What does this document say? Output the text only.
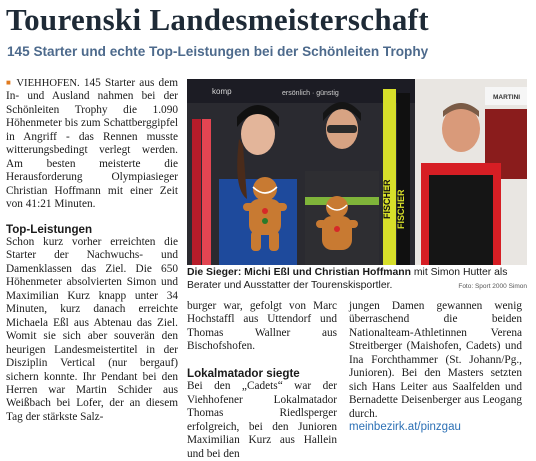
Tourenski Landesmeisterschaft
145 Starter und echte Top-Leistungen bei der Schönleiten Trophy

■ VIEHHOFEN. 145 Starter aus dem In- und Ausland nahmen bei der Schönleiten Trophy die 1.090 Höhenmeter bis zum Schattberggipfel in Angriff - das Rennen musste witterungsbedingt verlegt werden. Am besten meisterte die Herausforderung Olympiasieger Christian Hoffmann mit einer Zeit von 41:21 Minuten.

Top-Leistungen

Schon kurz vorher erreichten die Starter der Nachwuchs- und Damenklassen das Ziel. Die 650 Höhenmeter absolvierten Simon und Maximilian Kurz knapp unter 34 Minuten, kurz danach erreichte Michaela Eßl aus Abtenau das Ziel. Womit sie sich aber souverän den heurigen Landesmeistertitel in der Disziplin Vertical (nur bergauf) sichern konnte. Ihr Pendant bei den Herren war Martin Schider aus Weißbach bei Lofer, der an diesem Tag der stärkste Salz-

komp	ersönlich · günstig
MARTINI
FISCHER FISCHER
Die Sieger: Michi Eßl und Christian Hoffmann mit Simon Hutter als Berater und Ausstatter der Tourenskisportler.	Foto: Sport 2000 Simon

burger war, gefolgt von Marc Hochstaffl aus Uttendorf und Thomas Wallner aus Bischofshofen.

Lokalmatador siegte

Bei den „Cadets“ war der Viehhofener Lokalmatador Thomas Riedlsperger erfolgreich, bei den Junioren Maximilian Kurz aus Hallein und bei den

jungen Damen gewannen wenig überraschend die beiden Nationalteam-Athletinnen Verena Streitberger (Maishofen, Cadets) und Ina Forchthammer (St. Johann/Pg., Junioren). Bei den Masters setzten sich Hans Leiter aus Saalfelden und Bernadette Deisenberger aus Leogang durch.

meinbezirk.at/pinzgau
